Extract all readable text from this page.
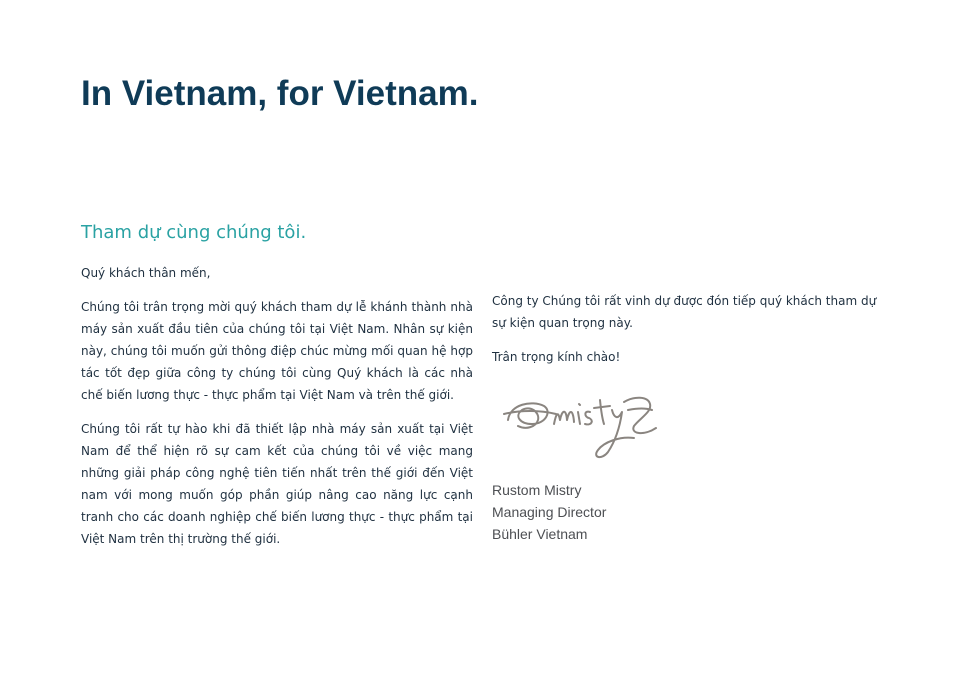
In Vietnam, for Vietnam.
Tham dự cùng chúng tôi.

Quý khách thân mến,

Chúng tôi trân trọng mời quý khách tham dự lễ khánh thành nhà máy sản xuất đầu tiên của chúng tôi tại Việt Nam. Nhân sự kiện này, chúng tôi muốn gửi thông điệp chúc mừng mối quan hệ hợp tác tốt đẹp giữa công ty chúng tôi cùng Quý khách là các nhà chế biến lương thực - thực phẩm tại Việt Nam và trên thế giới.

Chúng tôi rất tự hào khi đã thiết lập nhà máy sản xuất tại Việt Nam để thể hiện rõ sự cam kết của chúng tôi về việc mang những giải pháp công nghệ tiên tiến nhất trên thế giới đến Việt nam với mong muốn góp phần giúp nâng cao năng lực cạnh tranh cho các doanh nghiệp chế biến lương thực - thực phẩm tại Việt Nam trên thị trường thế giới.

Công ty Chúng tôi rất vinh dự được đón tiếp quý khách tham dự sự kiện quan trọng này.

Trân trọng kính chào!

Rustom Mistry
Managing Director
Bühler Vietnam
